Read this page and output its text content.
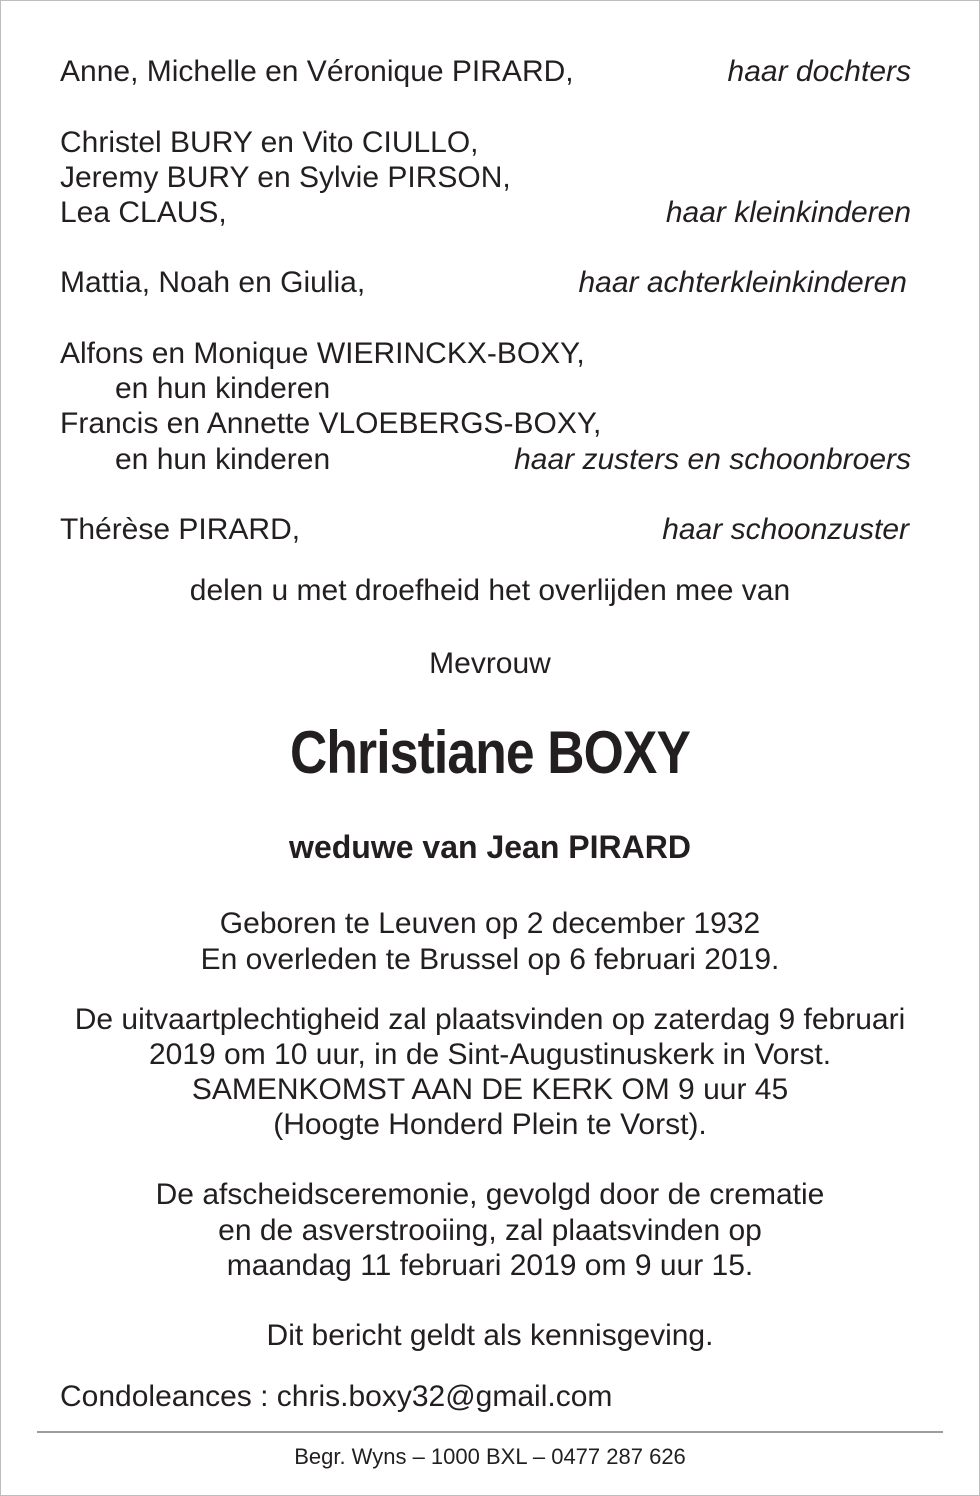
Anne, Michelle en Véronique PIRARD,	haar dochters
Christel BURY en Vito CIULLO,
Jeremy BURY en Sylvie PIRSON,
Lea CLAUS,	haar kleinkinderen
Mattia, Noah en Giulia,	haar achterkleinkinderen
Alfons en Monique WIERINCKX-BOXY,
en hun kinderen
Francis en Annette VLOEBERGS-BOXY,
en hun kinderen	haar zusters en schoonbroers
Thérèse PIRARD,	haar schoonzuster
delen u met droefheid het overlijden mee van
Mevrouw
Christiane BOXY
weduwe van Jean PIRARD
Geboren te Leuven op 2 december 1932
En overleden te Brussel op 6 februari 2019.
De uitvaartplechtigheid zal plaatsvinden op zaterdag 9 februari
2019 om 10 uur, in de Sint-Augustinuskerk in Vorst.
SAMENKOMST AAN DE KERK OM 9 uur 45
(Hoogte Honderd Plein te Vorst).
De afscheidsceremonie, gevolgd door de crematie
en de asverstrooiing, zal plaatsvinden op
maandag 11 februari 2019 om 9 uur 15.
Dit bericht geldt als kennisgeving.
Condoleances : chris.boxy32@gmail.com
Begr. Wyns – 1000 BXL – 0477 287 626
